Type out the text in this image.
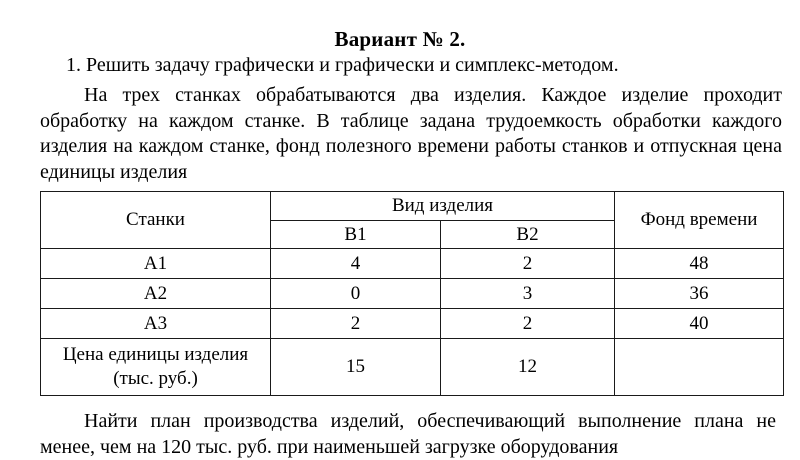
Вариант № 2.
1. Решить задачу графически и графически и симплекс-методом.
На трех станках обрабатываются два изделия. Каждое изделие проходит обработку на каждом станке. В таблице задана трудоемкость обработки каждого изделия на каждом станке, фонд полезного времени работы станков и отпускная цена единицы изделия
Станки	Вид изделия		Фонд времени
	В1	В2	
А1	4	2	48
А2	0	3	36
А3	2	2	40

Цена единицы изделия
(тыс. руб.)	15	12	
Найти план производства изделий, обеспечивающий выполнение плана не менее, чем на 120 тыс. руб. при наименьшей загрузке оборудования
